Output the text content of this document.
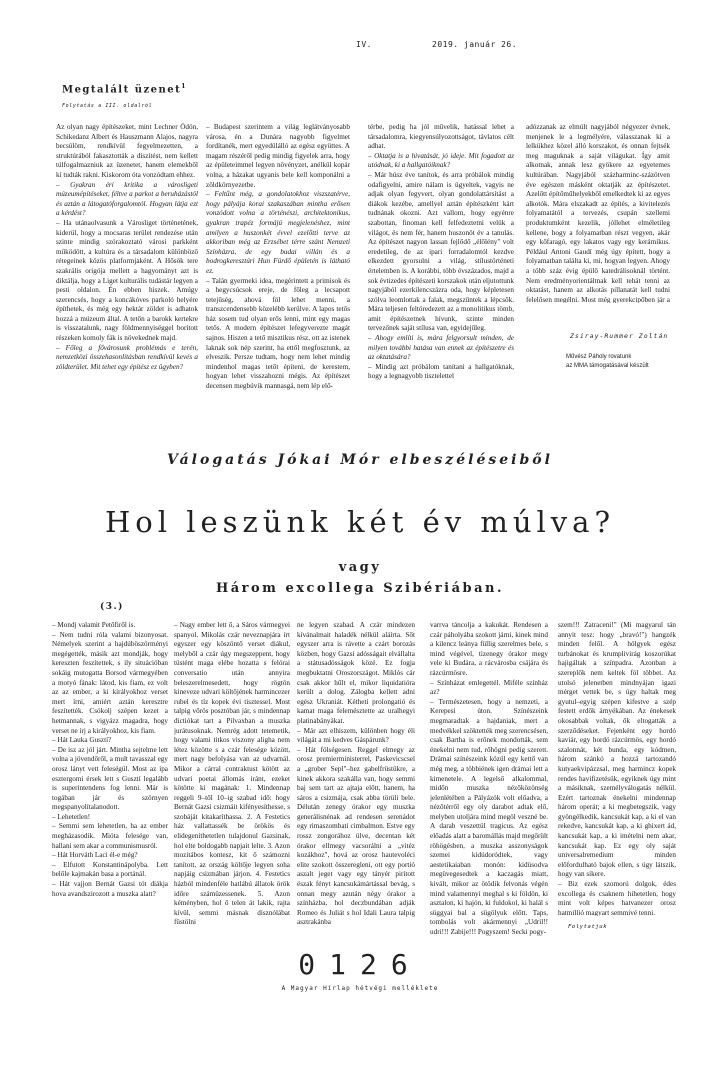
IV.	2019. január 26.
Megtalált üzenet$^1$
Folytatás a III. oldalról

Az olyan nagy építészeket, mint Lechner Ödön, Schikedanz Albert és Hauszmann Alajos, nagyra becsülöm, rendkívül fegyelmezetten, a struktúrából fakasztották a díszítést, nem kellett túlfogalmazniuk az üzenetet, hanem elemekből kí tudták rakni. Kiskorom óta vonzódtam ehhez.

– Gyakran éri kritika a városligeti múzeumépítéseket, féltve a parkot a beruházástól és aztán a látogatóforgalomtól. Hogyan látja ezt a kérdést?

– Ha utánaolvasunk a Városliget történetének, kiderül, hogy a mocsaras terület rendezése után szinte mindig szórakoztató városi parkként működött, a kultúra és a társadalom különböző rétegeinek közös platformjaként. A Hősök tere szakrális origója mellett a hagyományt azt is diktálja, hogy a Liget kulturális tudástár legyen a pesti oldalon. Én ebben hiszek. Amúgy szerencsés, hogy a koncákóves parkoló helyére építhetek, és még egy hektár zöldet is adhatok hozzá a múzeum által. A tetőn a barokk kertekre is visszatalunk, nagy földmennyiséggel borított részeken komoly fák is növekednek majd.

– Főleg a fővárosunk problémás e terén, nemzetközi összehasonlításban rendkívül kevés a zöldterület. Mit tehet egy építész ez ügyben?

– Budapest szerintem a világ leglátványosabb városa, én a Dunára nagyobb figyelmet fordítanék, mert egyedülálló az egész együttes. A magam részéről pedig mindig figyelek arra, hogy az épületeimmel legyen növényzet, anélkül kopár volna, a házakat ugyanis bele kell komponálni a zöldkörnyezetbe.

– Feltűnt még, a gondolatokhoz viszszatérve, hogy pályája korai szakaszában mintha erősen vonzódott volna a történészi, architektonikus, gyakran trapéz formájú megjelenéshez, mint amilyen a huszonkét évvel ezelőtti terve az akkoriban még az Erzsébet térre szánt Nemzeti Színházra, de egy budai villán és a bodrogkeresztúri Hun Fürdő épületén is látható ez.

– Talán gyermeki idea, megérintett a primisok és a hegycsúcsok ereje, de főleg a lecsapott tetejűség, ahová föl lehet menni, a transzcendensebb közelébb kerülve. A lapos tetős ház sosem tud olyan erős lenni, mint egy magas tetős. A modern építészet lefegyverezte magát sajnos. Hiszen a tető misztikus rész, ott az istenek laknak sok nép szerint, ha ettől megfosztunk, az elveszik. Persze tudtam, hogy nem lehet mindig mindenhol magas tetőt építeni, de kerestem, hogyan lehet visszahozni mégis. Az építészet decensen megbúvik mannasgá, nem lép elő-

térbe, pedig ha jól művelik, hatással lehet a társadalomra, kiegyensúlyozottságot, távlatos célt adhat.

– Oktatja is a hivatását, jó ideje. Mit fogadott az utódnak, ki a hallgatóiknak?

– Már húsz éve tanítok, és arra próbálok mindig odafigyelni, amire nálam is ügyeltek, vagyis ne adjak olyan fegyvert, olyan gondolattársítást a diákok kezébe, amellyel aztán építészként kárt tudnának okozni. Azt vallom, hogy egyénre szabottan, finoman kell felfedeztetni velük a világot, és nem fér, hanem huszonöt év a tanulás. Az építészet nagyon lassan fejlődő „élőlény" volt eredetileg, de az ipari forradalomtól kezdve elkezdett gyorsulni a világ, stílustörténeti értelemben is. A korábbi, több évszázados, majd a sok évtizedes építészeti korszakok után eljutottunk nagyjából ezerkilencszázra oda, hogy képletesen szólva leomlottak a falak, megszűntek a lépcsők. Mára teljesen feltöredezett az a monolitikus tömb, amit építészetnek hívunk, szinte minden tervezőnek saját stílusa van, egyidejűleg.

– Ahogy említi is, mára felgyorsult minden, de milyen további hatása van ennek az építészetre és az oktatására?

– Mindig azt próbálom tanítani a hallgatóknak, hogy a legnagyobb tisztelettel

adózzanak az elmúlt nagyjából négyezer évnek, menjenek le a legmélyére, válasszanak ki a lelkükhez közel álló korszakot, és onnan fejtsék meg maguknak a saját világukat. Így amit alkotnak, annak lesz gyökere az egyetemes kultúrában. Nagyjából százharminc-százötven éve egészen másként oktatják az építészetet. Azelőtt építőműhelyekből emelkedtek ki az egyes alkotók. Mára elszakadt az építés, a kivitelezés folyamatától a tervezés, csupán szellemi produktumként kezelik, jóllehet elméletileg kellene, hogy a folyamatban részt vegyen, akár egy kőfaragó, egy lakatos vagy egy kerámikus. Például Antoni Gaudí még úgy épített, hogy a folyamatban találta ki, mi, hogyan legyen. Ahogy a több száz évig épülő katedrálisoknál történt. Nem eredményorientáltnak kell tehát tenni az oktatást, hanem az alkotás pillanatát kell tudni felelősen megélni. Most még gyerekcipőben jár a

Zsiray-Rummer Zoltán
Művész Páholy rovatunk
az MMA támogatásával készült
Válogatás Jókai Mór elbeszéléseiből
Hol leszünk két év múlva?
vagy
Három excollega Szibériában.
(3.)

– Mondj valamit Petőfiről is.

– Nem tudni róla valami bizonyosat. Némelyek szerint a hajdúböszörményi megégették, másik azt mondják, hogy kereszten feszítettek, s ily situációban sokáig mutogatta Borsod vármegyében a motyó fának: látod, kis fiam, ez volt az az ember, a ki királyokhoz verset mert írni, amiért aztán keresztre feszítették. Csókolj szépen kezet a hetmannak, s vigyázz magadra, hogy verset ne írj a királyokhoz, kis fiam.

– Hát Lauka Gusztí?

– De isz az jól járt. Mintha sejtelme lett volna a jövendőről, a mult tavasszal egy orosz lányt vett feleségül. Most az ipa esztergomi érsek lett s Gusztí legalább is superintendens fog lenni. Már is togában jár és szörnyen megspanyolítalanodott.

– Lehetetlen!

– Semmi sem lehetetlen, ha az ember megházasodik. Mióta felesége van, hallani sem akar a communismusról.

– Hát Horváth Laci él-e még?

– Elfutott Konstantinápolyba. Lett belőle kajmakán basa a portánál.

– Hát vajjon Bernát Gazsi tót diákja hova avandszirozott a muszka alatt?

– Nagy ember lett ő, a Sáros vármegyei spanyol. Mikolás czár neveznapjára írt egyszer egy köszöntő verset diákul, melyből a czár úgy megszeppent, hogy tüstént maga elébe hozatta s felórai conversatio után annyira beleszerelmesedett, hogy rögtön kineveze udvari költőjének harmincezer rubel és tíz kopek évi tisztessel. Most talpig vőrös posztóban jár, s mindennap dictiókat tart a Pilvaxban a muszka jurátusoknak. Nemrég adott tetemetik, hogy valami titkos viszony aligha nem létez közötte s a czár felesége között, mert nagy befolyása van az udvarnál. Mikor a cárral contraktust kötött az udvari poetai állomás iránt, ezeket kötötte ki magának: 1. Mindennap reggeli 9–től 10–ig szabad idő: hogy Bernát Gazsi csizmáit kifényesíthesse, s szobáját kitakaríthassa. 2. A Festetics ház vallattassék be örökös és elidegeníthetetlen tulajdonul Gazsinak, hol elte boldogabb napjait lelte. 3. Azon mozitábos kontesz, kit ő számozni tanított, az ország költője legyen soha napjáig csizmában járjon. 4. Festetics házból mindenféle hatlábú állatok örök időre számüzessenek. 5. Azon kéményben, hol ő telen át lakik, rajta kívül, semmi másnak disznólábat füstölni

ne legyen szabad. A czár mindezen kívánalmait haladék nélkül aláírta. Sőt egyszer arra is rávette a czárt borozás közben, hogy Gazsi adósságait elvállalta a státusadósságok közé. Ez fogja megbuktatni Oroszországot. Miklós cár csak akkor hűlt el, mikor liquidatióra került a dolog. Zálogba kellett adni egész Ukraniát. Kétheti prolongatió és kamat maga felemésztette az uralhegyi platinabányákat.

– Már azt elhiszem, különben hogy éli világát a mi kedves Gáspárunk?

– Hát fölségesen. Reggel elmegy az orosz premierministerrel, Paskevicscsel a „grober Sepl"–hez gabelfrüstükre, a kinek akkora szakálla van, hogy semmi baj sem tart az ajtaja előtt, hanem, ha sáros a csizmája, csak abba törüli bele. Délután zenegy órakor egy muszka generálisnénak ad rendesen serenádot egy rimaszombati cimbalmon. Estve egy rossz zongorához ülve, decentan két órakor ellmegy vacsorálni a „vitéz kozákhoz", hová az orosz hautevoléci elite szokott összeregleni, ott egy portió aszalt jeget vagy egy tányér pirított észak fényt kancsukámártással bevág, s onnan megy azután négy órakor a színházba, hol deczbundában adják Romeo és Juliát s hol Idali Laura talpig asztrakánba

varrva táncolja a kakukát. Rendesen a czár páholyába szokott járni, kinek mind a kilencz leánya füllig szerelmes bele, s mind végével, tizenegy órakor megy vele ki Budára, a rácvárosba csájára és rázcúrmösre.

– Színházat emlegettél. Miféle színház az?

– Természetesen, hogy a nemzeti, a Kerepesi úton. Színészeink megmaradtak a hajdaniak, mert a medvékkel szöktették meg szerencsésen, csak Bartha is erőnek mondották, sem énekelni nem tud, rőhögni pedig szerett. Drámai színészeink közül egy kettő van még meg, a többiének igen drámai lett a kimenetele. A legelső alkalommal, midőn muszka nézőközönség jelenlétében a Pályázók volt előadva, a nézőtérről egy oly darabot adtak elő, melyben utoljára mind megöl veszné be. A darab veszettül tragicus. Az egész előadás alatt a baromállás majd megőrült röhögésben, a muszka asszonyságok szemei kidúdoródtek, vagy aestetikaiaban monón: kidüsodva megüvegesedtek a kaczagás miatt, kivált, mikor az ötödik felvonás végén mind valamennyi meghal s ki földön, ki asztalon, ki hajón, ki fuldokol, ki halál s süggyai bal a sügölyuk előtt. Taps, tombolás volt akármennyi „Udril!! udri!!! Zabije!!! Pogyszem! Secki pogy-

szem!!! Zatraceni!" (Mi magyarul tán annyit tesz: hogy „bravó!") hangzék minden felől. A hölgyek egész turbánokat és krumplivirág koszorúkat hajigáltak a színpadra. Azonban a szereplők nem keltek föl többet. Az utolsó jelenetben mindnyájan igazi mérget vettek be, s úgy haltak meg gyutul–egyig szépen kifestve a szép festett erdők árnyékában. Az énekesek okosabbak voltak, ők eltogatták a szerződéseket. Fejenként egy hordó kaviár, egy hordó rázcúrmös, egy hordó szalonnát, két bunda, egy kódmen, három szánkó a hozzá tartozandó kutyaekvipázzsal, meg harmincz kopek rendes havifizetésük, egyiknek úgy mint a másiknak, személyválogatás nélkül. Ezért tartoznak énekelni mindennap három operát; a ki megbetegszik, vagy gyöngélkedik, kancsukát kap, a ki el van rekedve, kancsukát kap, a ki ghixert ád, kancsukát kap, a ki imételni nem akar, kancsukát kap. Ez egy oly saját universalremedium minden előfordulható bajok ellen, s úgy látszik, hogy van sikere.

– Biz ezek szomorú dolgok, édes excollega és csaknem hihetetlen, hogy mint volt képes hatvanezer orosz hatmillió magyart semmivé tenni.

Folytatjuk
0126
A Magyar Hírlap hétvégi melléklete
